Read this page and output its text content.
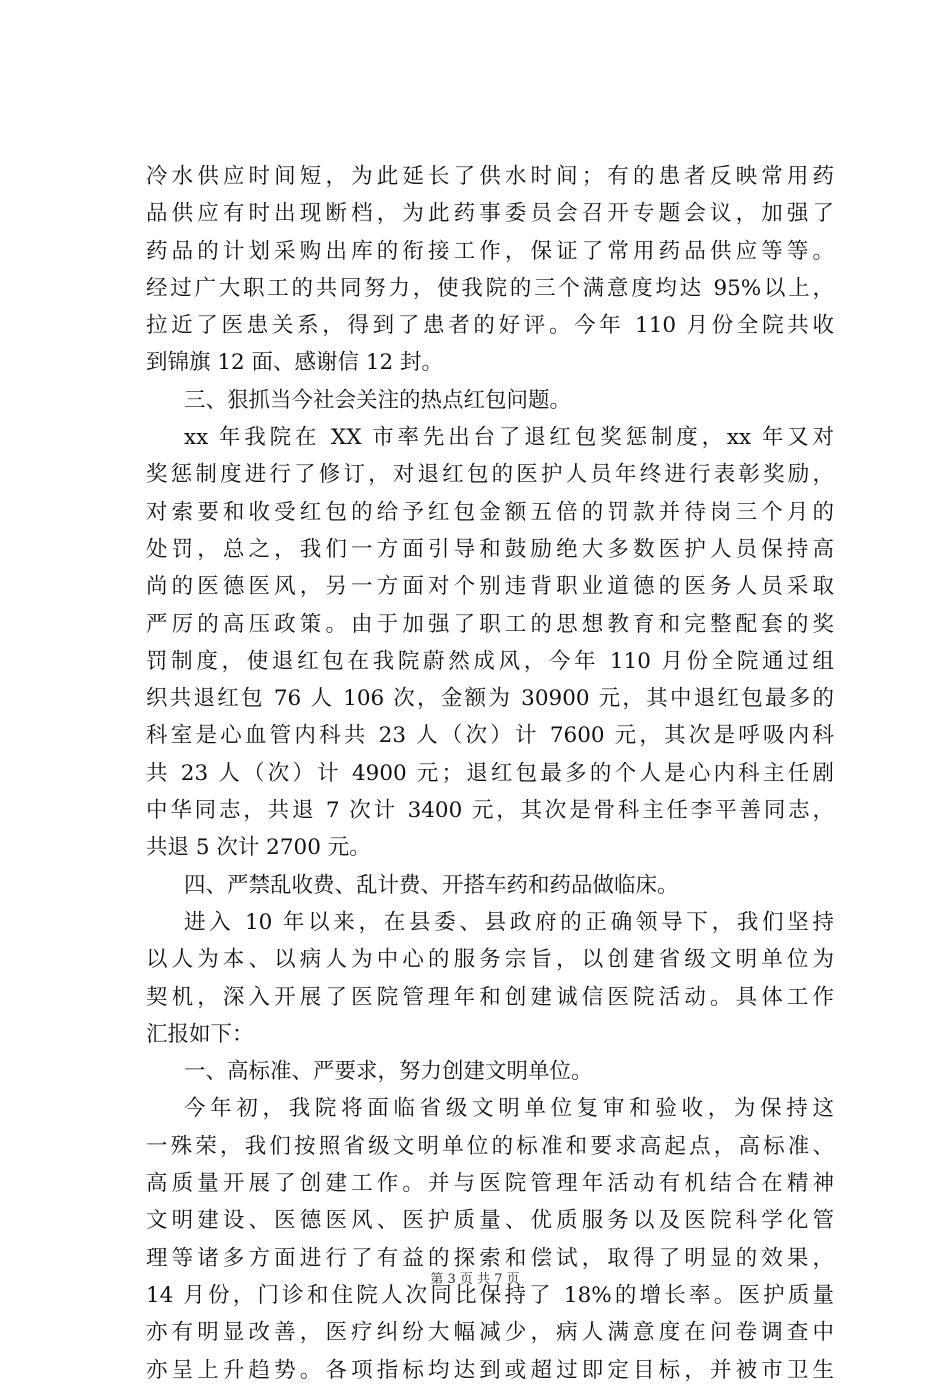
冷水供应时间短，为此延长了供水时间；有的患者反映常用药
品供应有时出现断档，为此药事委员会召开专题会议，加强了
药品的计划采购出库的衔接工作，保证了常用药品供应等等。
经过广大职工的共同努力，使我院的三个满意度均达 95%以上，
拉近了医患关系，得到了患者的好评。今年 110 月份全院共收
到锦旗 12 面、感谢信 12 封。
三、狠抓当今社会关注的热点红包问题。
xx 年我院在 XX 市率先出台了退红包奖惩制度，xx 年又对
奖惩制度进行了修订，对退红包的医护人员年终进行表彰奖励，
对索要和收受红包的给予红包金额五倍的罚款并待岗三个月的
处罚，总之，我们一方面引导和鼓励绝大多数医护人员保持高
尚的医德医风，另一方面对个别违背职业道德的医务人员采取
严厉的高压政策。由于加强了职工的思想教育和完整配套的奖
罚制度，使退红包在我院蔚然成风，今年 110 月份全院通过组
织共退红包 76 人 106 次，金额为 30900 元，其中退红包最多的
科室是心血管内科共 23 人（次）计 7600 元，其次是呼吸内科
共 23 人（次）计 4900 元；退红包最多的个人是心内科主任剧
中华同志，共退 7 次计 3400 元，其次是骨科主任李平善同志，
共退 5 次计 2700 元。
四、严禁乱收费、乱计费、开搭车药和药品做临床。
进入 10 年以来，在县委、县政府的正确领导下，我们坚持
以人为本、以病人为中心的服务宗旨，以创建省级文明单位为
契机，深入开展了医院管理年和创建诚信医院活动。具体工作
汇报如下：
一、高标准、严要求，努力创建文明单位。
今年初，我院将面临省级文明单位复审和验收，为保持这
一殊荣，我们按照省级文明单位的标准和要求高起点，高标准、
高质量开展了创建工作。并与医院管理年活动有机结合在精神
文明建设、医德医风、医护质量、优质服务以及医院科学化管
理等诸多方面进行了有益的探索和偿试，取得了明显的效果，
14 月份，门诊和住院人次同比保持了 18%的增长率。医护质量
亦有明显改善，医疗纠纷大幅减少，病人满意度在问卷调查中
亦呈上升趋势。各项指标均达到或超过即定目标，并被市卫生
第 3 页 共 7 页
